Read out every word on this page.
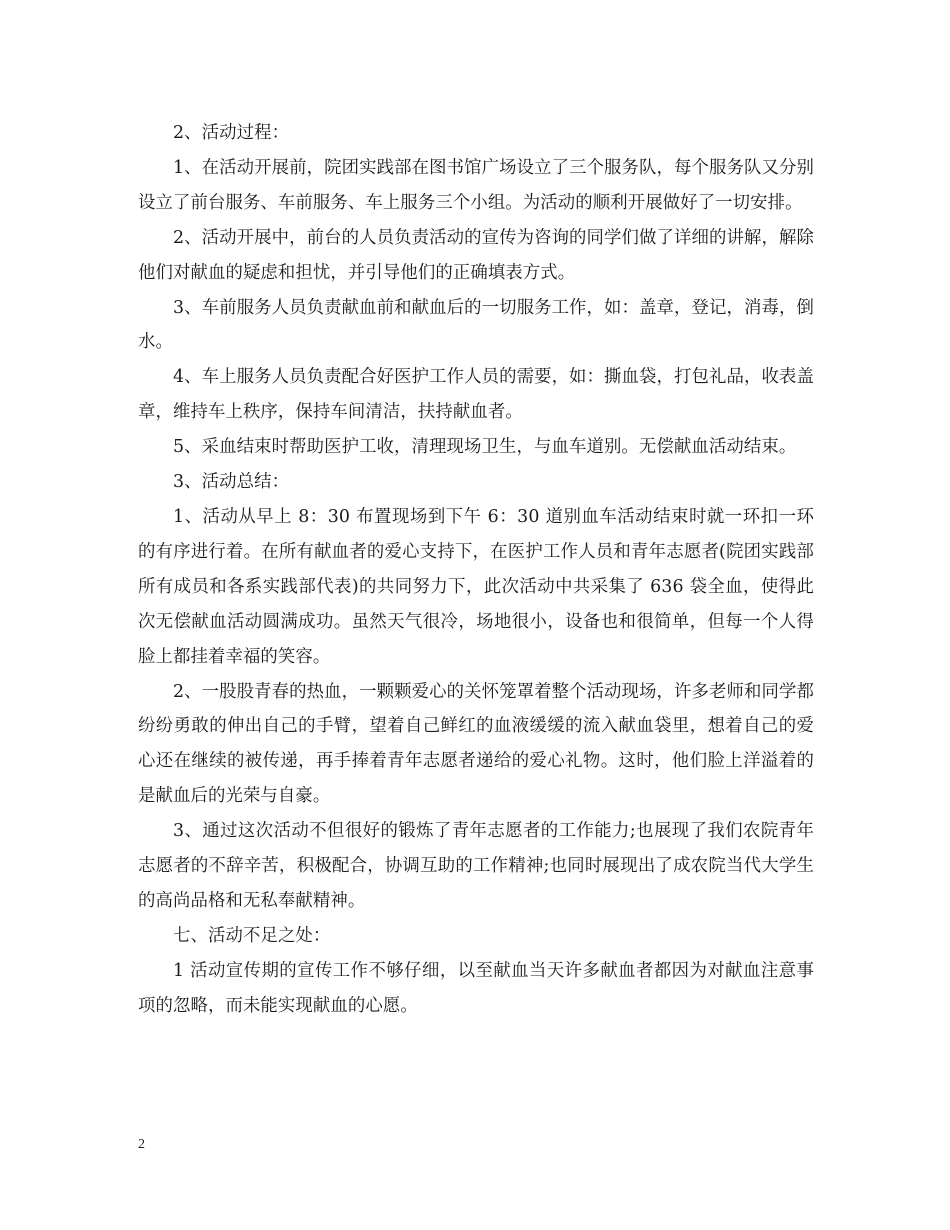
2、活动过程：

1、在活动开展前，院团实践部在图书馆广场设立了三个服务队，每个服务队又分别设立了前台服务、车前服务、车上服务三个小组。为活动的顺利开展做好了一切安排。

2、活动开展中，前台的人员负责活动的宣传为咨询的同学们做了详细的讲解，解除他们对献血的疑虑和担忧，并引导他们的正确填表方式。

3、车前服务人员负责献血前和献血后的一切服务工作，如：盖章，登记，消毒，倒水。

4、车上服务人员负责配合好医护工作人员的需要，如：撕血袋，打包礼品，收表盖章，维持车上秩序，保持车间清洁，扶持献血者。

5、采血结束时帮助医护工收，清理现场卫生，与血车道别。无偿献血活动结束。

3、活动总结：

1、活动从早上 8：30 布置现场到下午 6：30 道别血车活动结束时就一环扣一环的有序进行着。在所有献血者的爱心支持下，在医护工作人员和青年志愿者(院团实践部所有成员和各系实践部代表)的共同努力下，此次活动中共采集了 636 袋全血，使得此次无偿献血活动圆满成功。虽然天气很冷，场地很小，设备也和很简单，但每一个人得脸上都挂着幸福的笑容。

2、一股股青春的热血，一颗颗爱心的关怀笼罩着整个活动现场，许多老师和同学都纷纷勇敢的伸出自己的手臂，望着自己鲜红的血液缓缓的流入献血袋里，想着自己的爱心还在继续的被传递，再手捧着青年志愿者递给的爱心礼物。这时，他们脸上洋溢着的是献血后的光荣与自豪。

3、通过这次活动不但很好的锻炼了青年志愿者的工作能力;也展现了我们农院青年志愿者的不辞辛苦，积极配合，协调互助的工作精神;也同时展现出了成农院当代大学生的高尚品格和无私奉献精神。

七、活动不足之处：

1 活动宣传期的宣传工作不够仔细，以至献血当天许多献血者都因为对献血注意事项的忽略，而未能实现献血的心愿。

2
